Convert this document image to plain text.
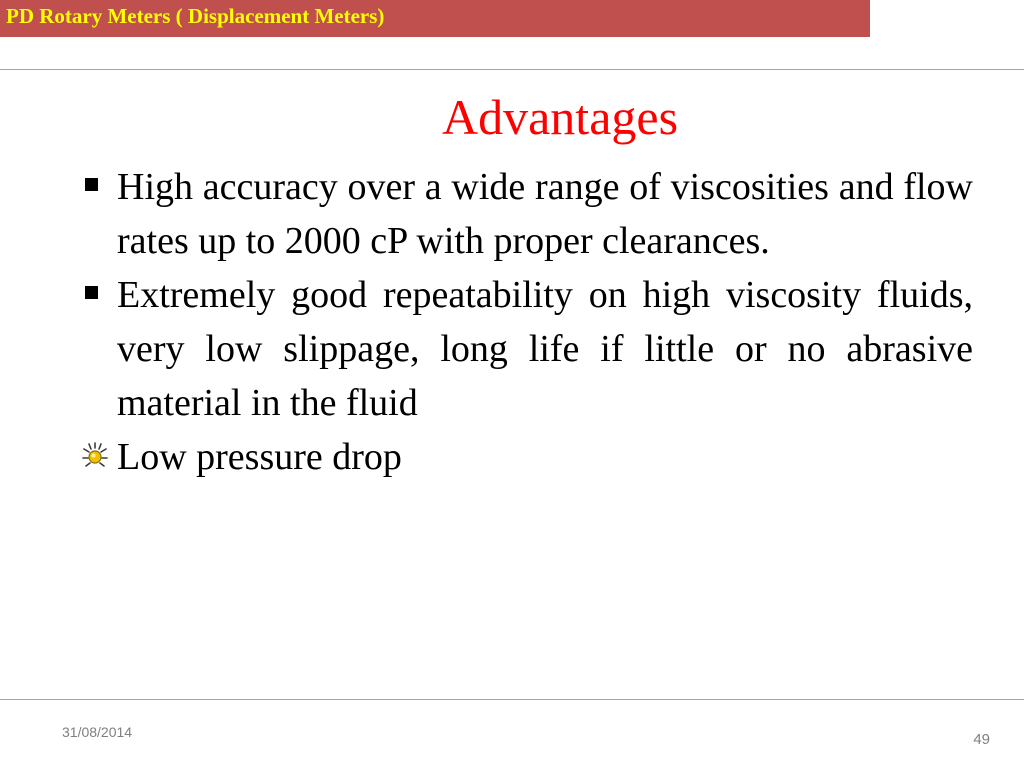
PD Rotary Meters ( Displacement Meters)
Advantages
High accuracy over a wide range of viscosities and flow rates up to 2000 cP with proper clearances.
Extremely good repeatability on high viscosity fluids, very low slippage, long life if little or no abrasive material in the fluid
Low pressure drop
31/08/2014	49
